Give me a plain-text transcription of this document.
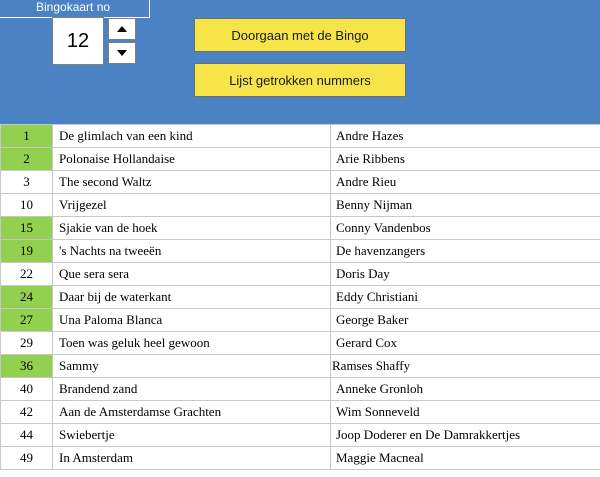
Bingokaart no
12	Doorgaan met de Bingo
Lijst getrokken nummers
1	De glimlach van een kind	Andre Hazes
2	Polonaise Hollandaise	Arie Ribbens
3	The second Waltz	Andre Rieu
10	Vrijgezel	Benny Nijman
15	Sjakie van de hoek	Conny Vandenbos
19	's Nachts na tweeën	De havenzangers
22	Que sera sera	Doris Day
24	Daar bij de waterkant	Eddy Christiani
27	Una Paloma Blanca	George Baker
29	Toen was geluk heel gewoon	Gerard Cox
36	Sammy	Ramses Shaffy
40	Brandend zand	Anneke Gronloh
42	Aan de Amsterdamse Grachten	Wim Sonneveld
44	Swiebertje	Joop Doderer en De Damrakkertjes
49	In Amsterdam	Maggie Macneal
